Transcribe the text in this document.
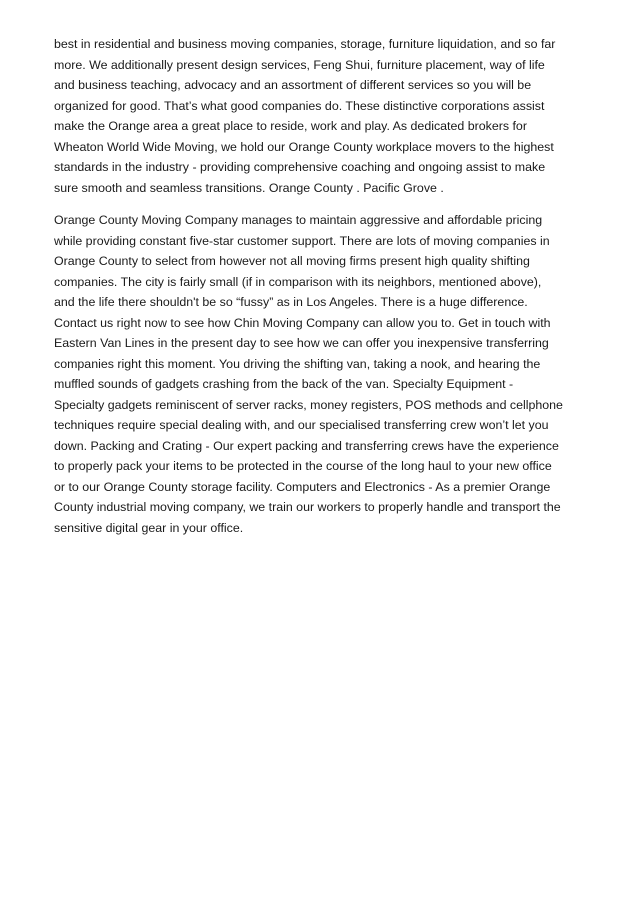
best in residential and business moving companies, storage, furniture liquidation, and so far
more. We additionally present design services, Feng Shui, furniture placement, way of life
and business teaching, advocacy and an assortment of different services so you will be
organized for good. That’s what good companies do. These distinctive corporations assist
make the Orange area a great place to reside, work and play. As dedicated brokers for
Wheaton World Wide Moving, we hold our Orange County workplace movers to the highest
standards in the industry - providing comprehensive coaching and ongoing assist to make
sure smooth and seamless transitions. Orange County . Pacific Grove .
Orange County Moving Company manages to maintain aggressive and affordable pricing
while providing constant five-star customer support. There are lots of moving companies in
Orange County to select from however not all moving firms present high quality shifting
companies. The city is fairly small (if in comparison with its neighbors, mentioned above),
and the life there shouldn't be so “fussy” as in Los Angeles. There is a huge difference.
Contact us right now to see how Chin Moving Company can allow you to. Get in touch with
Eastern Van Lines in the present day to see how we can offer you inexpensive transferring
companies right this moment. You driving the shifting van, taking a nook, and hearing the
muffled sounds of gadgets crashing from the back of the van. Specialty Equipment -
Specialty gadgets reminiscent of server racks, money registers, POS methods and cellphone
techniques require special dealing with, and our specialised transferring crew won’t let you
down. Packing and Crating - Our expert packing and transferring crews have the experience
to properly pack your items to be protected in the course of the long haul to your new office
or to our Orange County storage facility. Computers and Electronics - As a premier Orange
County industrial moving company, we train our workers to properly handle and transport the
sensitive digital gear in your office.
